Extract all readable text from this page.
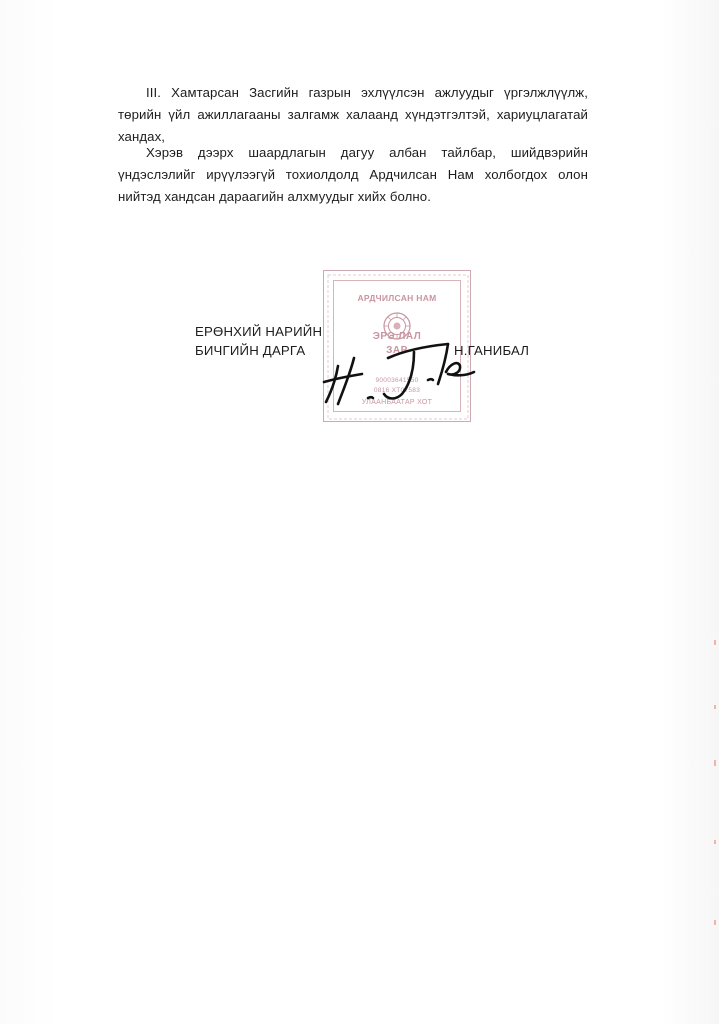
III. Хамтарсан Засгийн газрын эхлүүлсэн ажлуудыг үргэлжлүүлж, төрийн үйл ажиллагааны залгамж халаанд хүндэтгэлтэй, хариуцлагатай хандах,

Хэрэв дээрх шаардлагын дагуу албан тайлбар, шийдвэрийн үндэслэлийг ирүүлээгүй тохиолдолд Ардчилсан Нам холбогдох олон нийтэд хандсан дараагийн алхмуудыг хийх болно.

АРДЧИЛСАН НАМ

ЭРЭ ЛАЛ

ЗАР

90003641550

0816 ХТ07583

УЛААНБААТАР ХОТ

ЕРӨНХИЙ НАРИЙН
БИЧГИЙН ДАРГА	Н.ГАНИБАЛ
